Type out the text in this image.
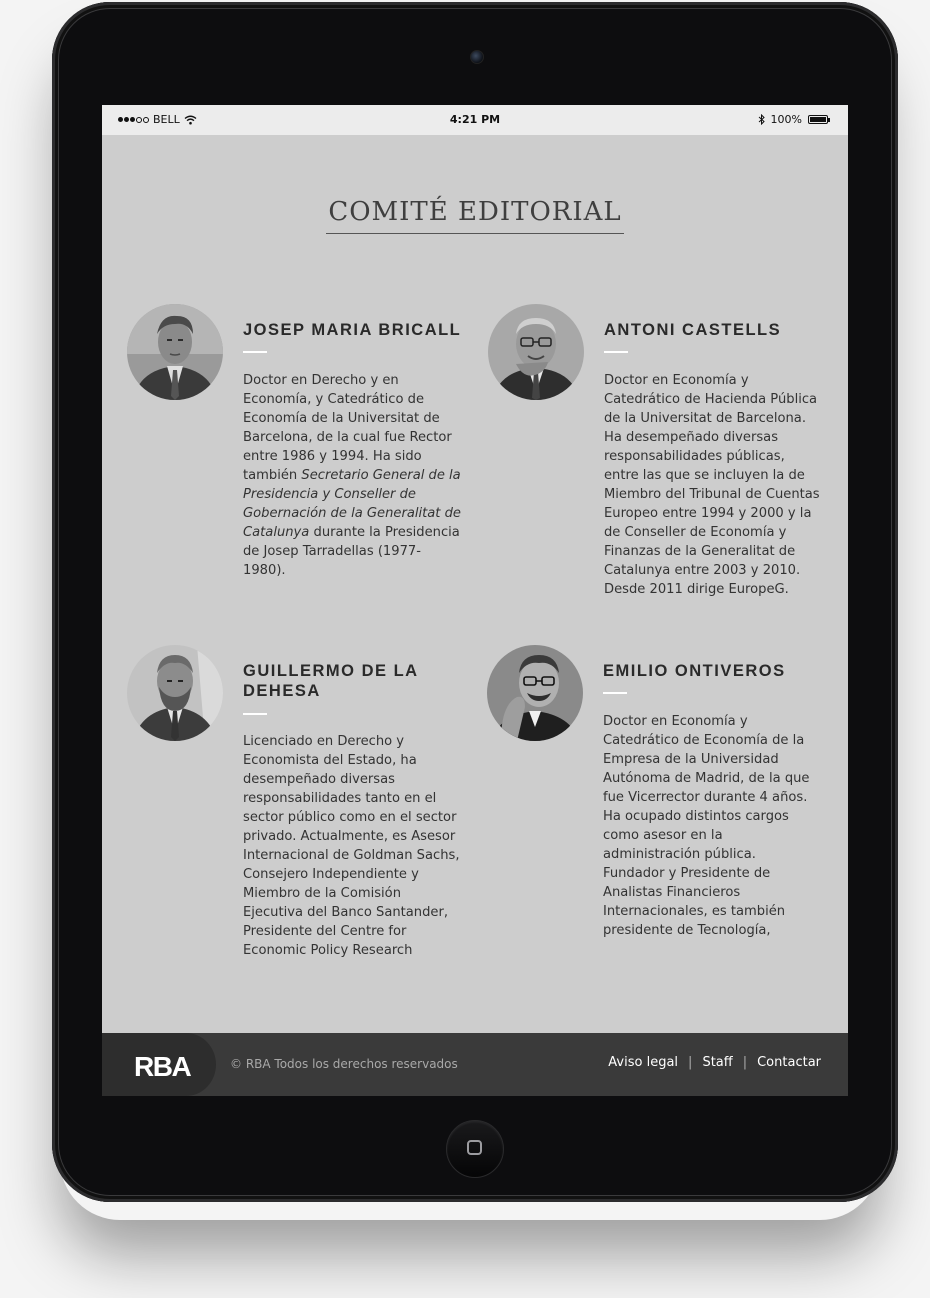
BELL	4:21 PM	100%
COMITÉ EDITORIAL
JOSEP MARIA BRICALL
Doctor en Derecho y en Economía, y Catedrático de Economía de la Universitat de Barcelona, de la cual fue Rector entre 1986 y 1994. Ha sido también Secretario General de la Presidencia y Conseller de Gobernación de la Generalitat de Catalunya durante la Presidencia de Josep Tarradellas (1977-1980).
ANTONI CASTELLS
Doctor en Economía y Catedrático de Hacienda Pública de la Universitat de Barcelona. Ha desempeñado diversas responsabilidades públicas, entre las que se incluyen la de Miembro del Tribunal de Cuentas Europeo entre 1994 y 2000 y la de Conseller de Economía y Finanzas de la Generalitat de Catalunya entre 2003 y 2010. Desde 2011 dirige EuropeG.
GUILLERMO DE LA DEHESA
Licenciado en Derecho y Economista del Estado, ha desempeñado diversas responsabilidades tanto en el sector público como en el sector privado. Actualmente, es Asesor Internacional de Goldman Sachs, Consejero Independiente y Miembro de la Comisión Ejecutiva del Banco Santander, Presidente del Centre for Economic Policy Research
EMILIO ONTIVEROS
Doctor en Economía y Catedrático de Economía de la Empresa de la Universidad Autónoma de Madrid, de la que fue Vicerrector durante 4 años. Ha ocupado distintos cargos como asesor en la administración pública. Fundador y Presidente de Analistas Financieros Internacionales, es también presidente de Tecnología,
RBA	© RBA Todos los derechos reservados	Aviso legal | Staff | Contactar
